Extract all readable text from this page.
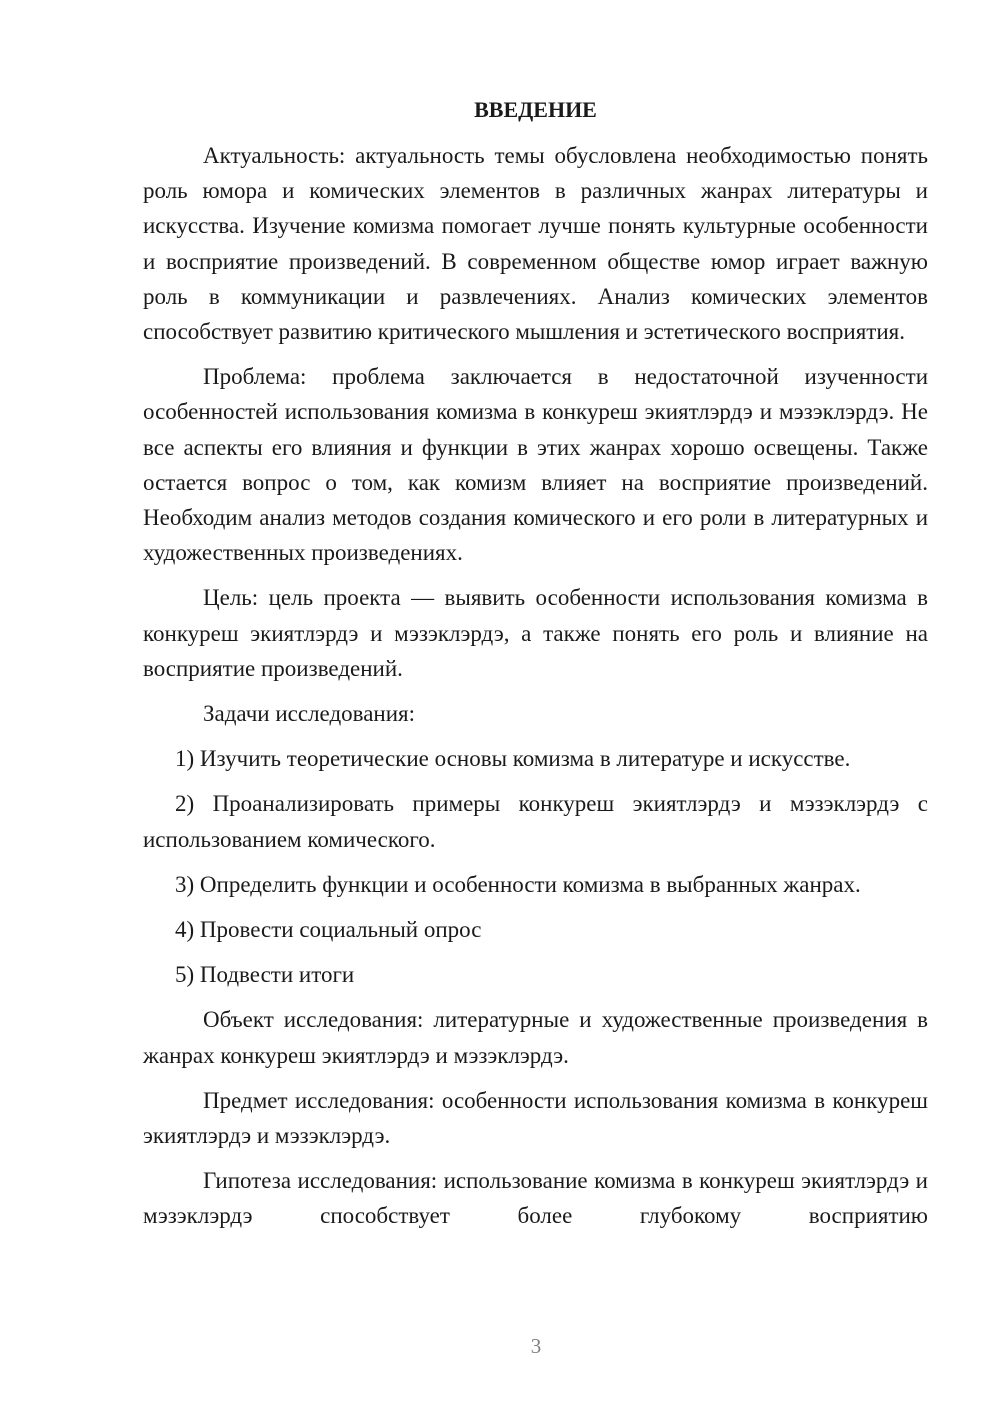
ВВЕДЕНИЕ
Актуальность: актуальность темы обусловлена необходимостью понять роль юмора и комических элементов в различных жанрах литературы и искусства. Изучение комизма помогает лучше понять культурные особенности и восприятие произведений. В современном обществе юмор играет важную роль в коммуникации и развлечениях. Анализ комических элементов способствует развитию критического мышления и эстетического восприятия.
Проблема: проблема заключается в недостаточной изученности особенностей использования комизма в конкуреш экиятлэрдэ и мэзэклэрдэ. Не все аспекты его влияния и функции в этих жанрах хорошо освещены. Также остается вопрос о том, как комизм влияет на восприятие произведений. Необходим анализ методов создания комического и его роли в литературных и художественных произведениях.
Цель: цель проекта — выявить особенности использования комизма в конкуреш экиятлэрдэ и мэзэклэрдэ, а также понять его роль и влияние на восприятие произведений.
Задачи исследования:
1) Изучить теоретические основы комизма в литературе и искусстве.
2) Проанализировать примеры конкуреш экиятлэрдэ и мэзэклэрдэ с использованием комического.
3) Определить функции и особенности комизма в выбранных жанрах.
4) Провести социальный опрос
5) Подвести итоги
Объект исследования: литературные и художественные произведения в жанрах конкуреш экиятлэрдэ и мэзэклэрдэ.
Предмет исследования: особенности использования комизма в конкуреш экиятлэрдэ и мэзэклэрдэ.
Гипотеза исследования: использование комизма в конкуреш экиятлэрдэ и мэзэклэрдэ способствует более глубокому восприятию
3
